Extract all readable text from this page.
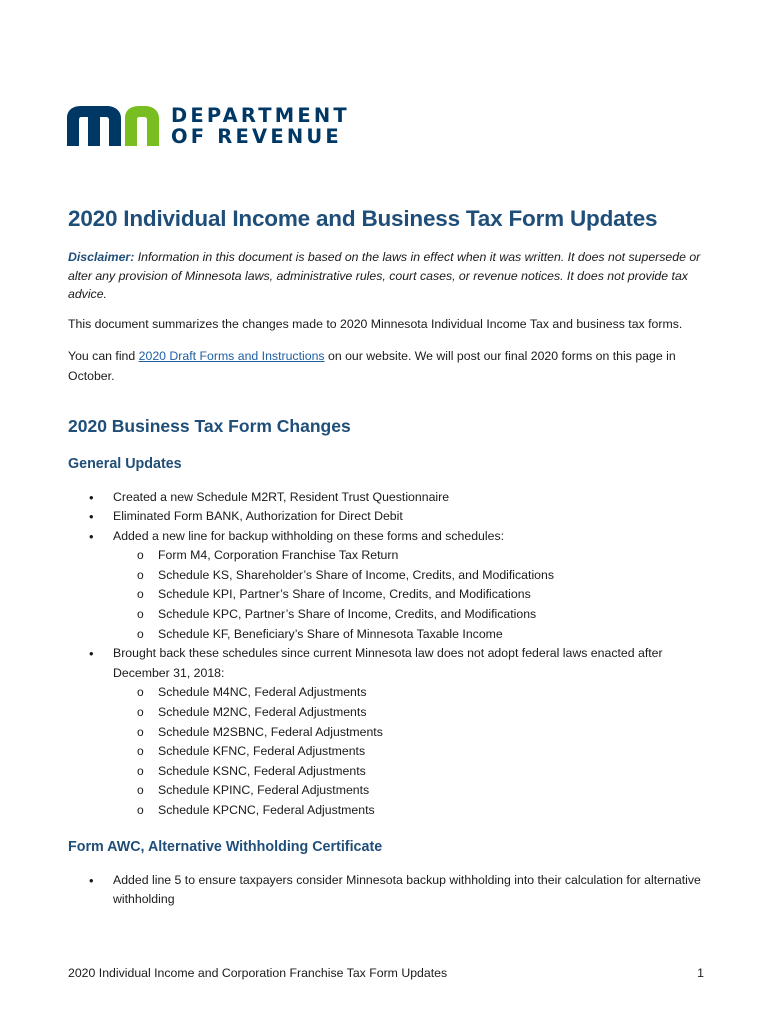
DEPARTMENT
OF REVENUE
2020 Individual Income and Business Tax Form Updates

Disclaimer: Information in this document is based on the laws in effect when it was written. It does not supersede or alter any provision of Minnesota laws, administrative rules, court cases, or revenue notices. It does not provide tax advice.

This document summarizes the changes made to 2020 Minnesota Individual Income Tax and business tax forms.

You can find 2020 Draft Forms and Instructions on our website. We will post our final 2020 forms on this page in October.

2020 Business Tax Form Changes
General Updates
• Created a new Schedule M2RT, Resident Trust Questionnaire
• Eliminated Form BANK, Authorization for Direct Debit
• Added a new line for backup withholding on these forms and schedules:
o Form M4, Corporation Franchise Tax Return
o Schedule KS, Shareholder’s Share of Income, Credits, and Modifications
o Schedule KPI, Partner’s Share of Income, Credits, and Modifications
o Schedule KPC, Partner’s Share of Income, Credits, and Modifications
o Schedule KF, Beneficiary’s Share of Minnesota Taxable Income
• Brought back these schedules since current Minnesota law does not adopt federal laws enacted after December 31, 2018:
o Schedule M4NC, Federal Adjustments
o Schedule M2NC, Federal Adjustments
o Schedule M2SBNC, Federal Adjustments
o Schedule KFNC, Federal Adjustments
o Schedule KSNC, Federal Adjustments
o Schedule KPINC, Federal Adjustments
o Schedule KPCNC, Federal Adjustments
Form AWC, Alternative Withholding Certificate
• Added line 5 to ensure taxpayers consider Minnesota backup withholding into their calculation for alternative withholding
2020 Individual Income and Corporation Franchise Tax Form Updates	1
